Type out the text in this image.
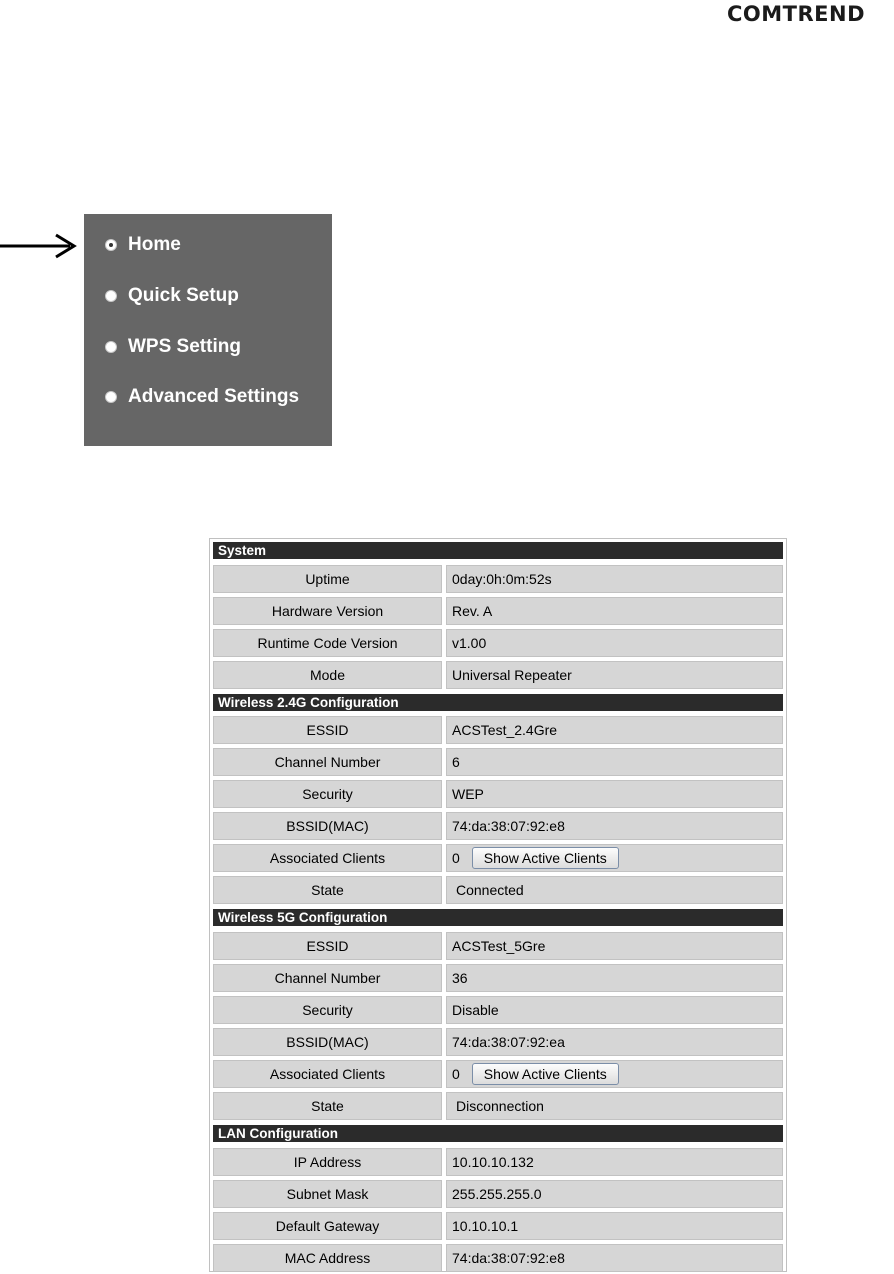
COMTREND
Home
Quick Setup
WPS Setting
Advanced Settings
System
Uptime	0day:0h:0m:52s
Hardware Version	Rev. A
Runtime Code Version	v1.00
Mode	Universal Repeater
Wireless 2.4G Configuration
ESSID	ACSTest_2.4Gre
Channel Number	6
Security	WEP
BSSID(MAC)	74:da:38:07:92:e8
Associated Clients	0 Show Active Clients
State	Connected
Wireless 5G Configuration
ESSID	ACSTest_5Gre
Channel Number	36
Security	Disable
BSSID(MAC)	74:da:38:07:92:ea
Associated Clients	0 Show Active Clients
State	Disconnection
LAN Configuration
IP Address	10.10.10.132
Subnet Mask	255.255.255.0
Default Gateway	10.10.10.1
MAC Address	74:da:38:07:92:e8
